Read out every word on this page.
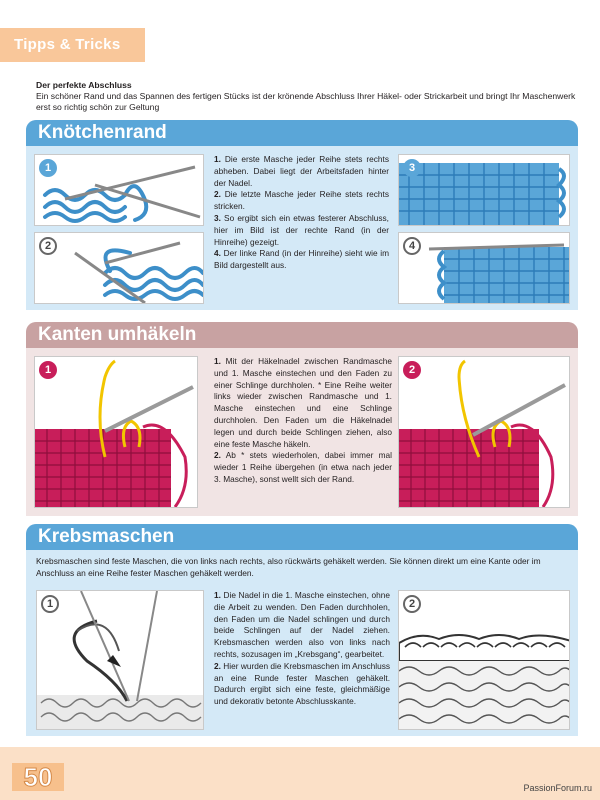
Tipps & Tricks
Der perfekte Abschluss
Ein schöner Rand und das Spannen des fertigen Stücks ist der krönende Abschluss Ihrer Häkel- oder Strickarbeit und bringt Ihr Maschenwerk erst so richtig schön zur Geltung
Knötchenrand
1
2

1. Die erste Masche jeder Reihe stets rechts abheben. Dabei liegt der Arbeitsfaden hinter der Nadel.

2. Die letzte Masche jeder Reihe stets rechts stricken.

3. So ergibt sich ein etwas festerer Abschluss, hier im Bild ist der rechte Rand (in der Hinreihe) gezeigt.

4. Der linke Rand (in der Hinreihe) sieht wie im Bild dargestellt aus.

3
4
Kanten umhäkeln
1

1. Mit der Häkelnadel zwischen Randmasche und 1. Masche einstechen und den Faden zu einer Schlinge durchholen. * Eine Reihe weiter links wieder zwischen Randmasche und 1. Masche einstechen und eine Schlinge durchholen. Den Faden um die Häkelnadel legen und durch beide Schlingen ziehen, also eine feste Masche häkeln.

2. Ab * stets wiederholen, dabei immer mal wieder 1 Reihe übergehen (in etwa nach jeder 3. Masche), sonst wellt sich der Rand.

2
Krebsmaschen
Krebsmaschen sind feste Maschen, die von links nach rechts, also rückwärts gehäkelt werden. Sie können direkt um eine Kante oder im Anschluss an eine Reihe fester Maschen gehäkelt werden.
1

1. Die Nadel in die 1. Masche einstechen, ohne die Arbeit zu wenden. Den Faden durchholen, den Faden um die Nadel schlingen und durch beide Schlingen auf der Nadel ziehen. Krebsmaschen werden also von links nach rechts, sozusagen im „Krebsgang“, gearbeitet.

2. Hier wurden die Krebsmaschen im Anschluss an eine Runde fester Maschen gehäkelt. Dadurch ergibt sich eine feste, gleichmäßige und dekorativ betonte Abschlusskante.

2
50	PassionForum.ru
